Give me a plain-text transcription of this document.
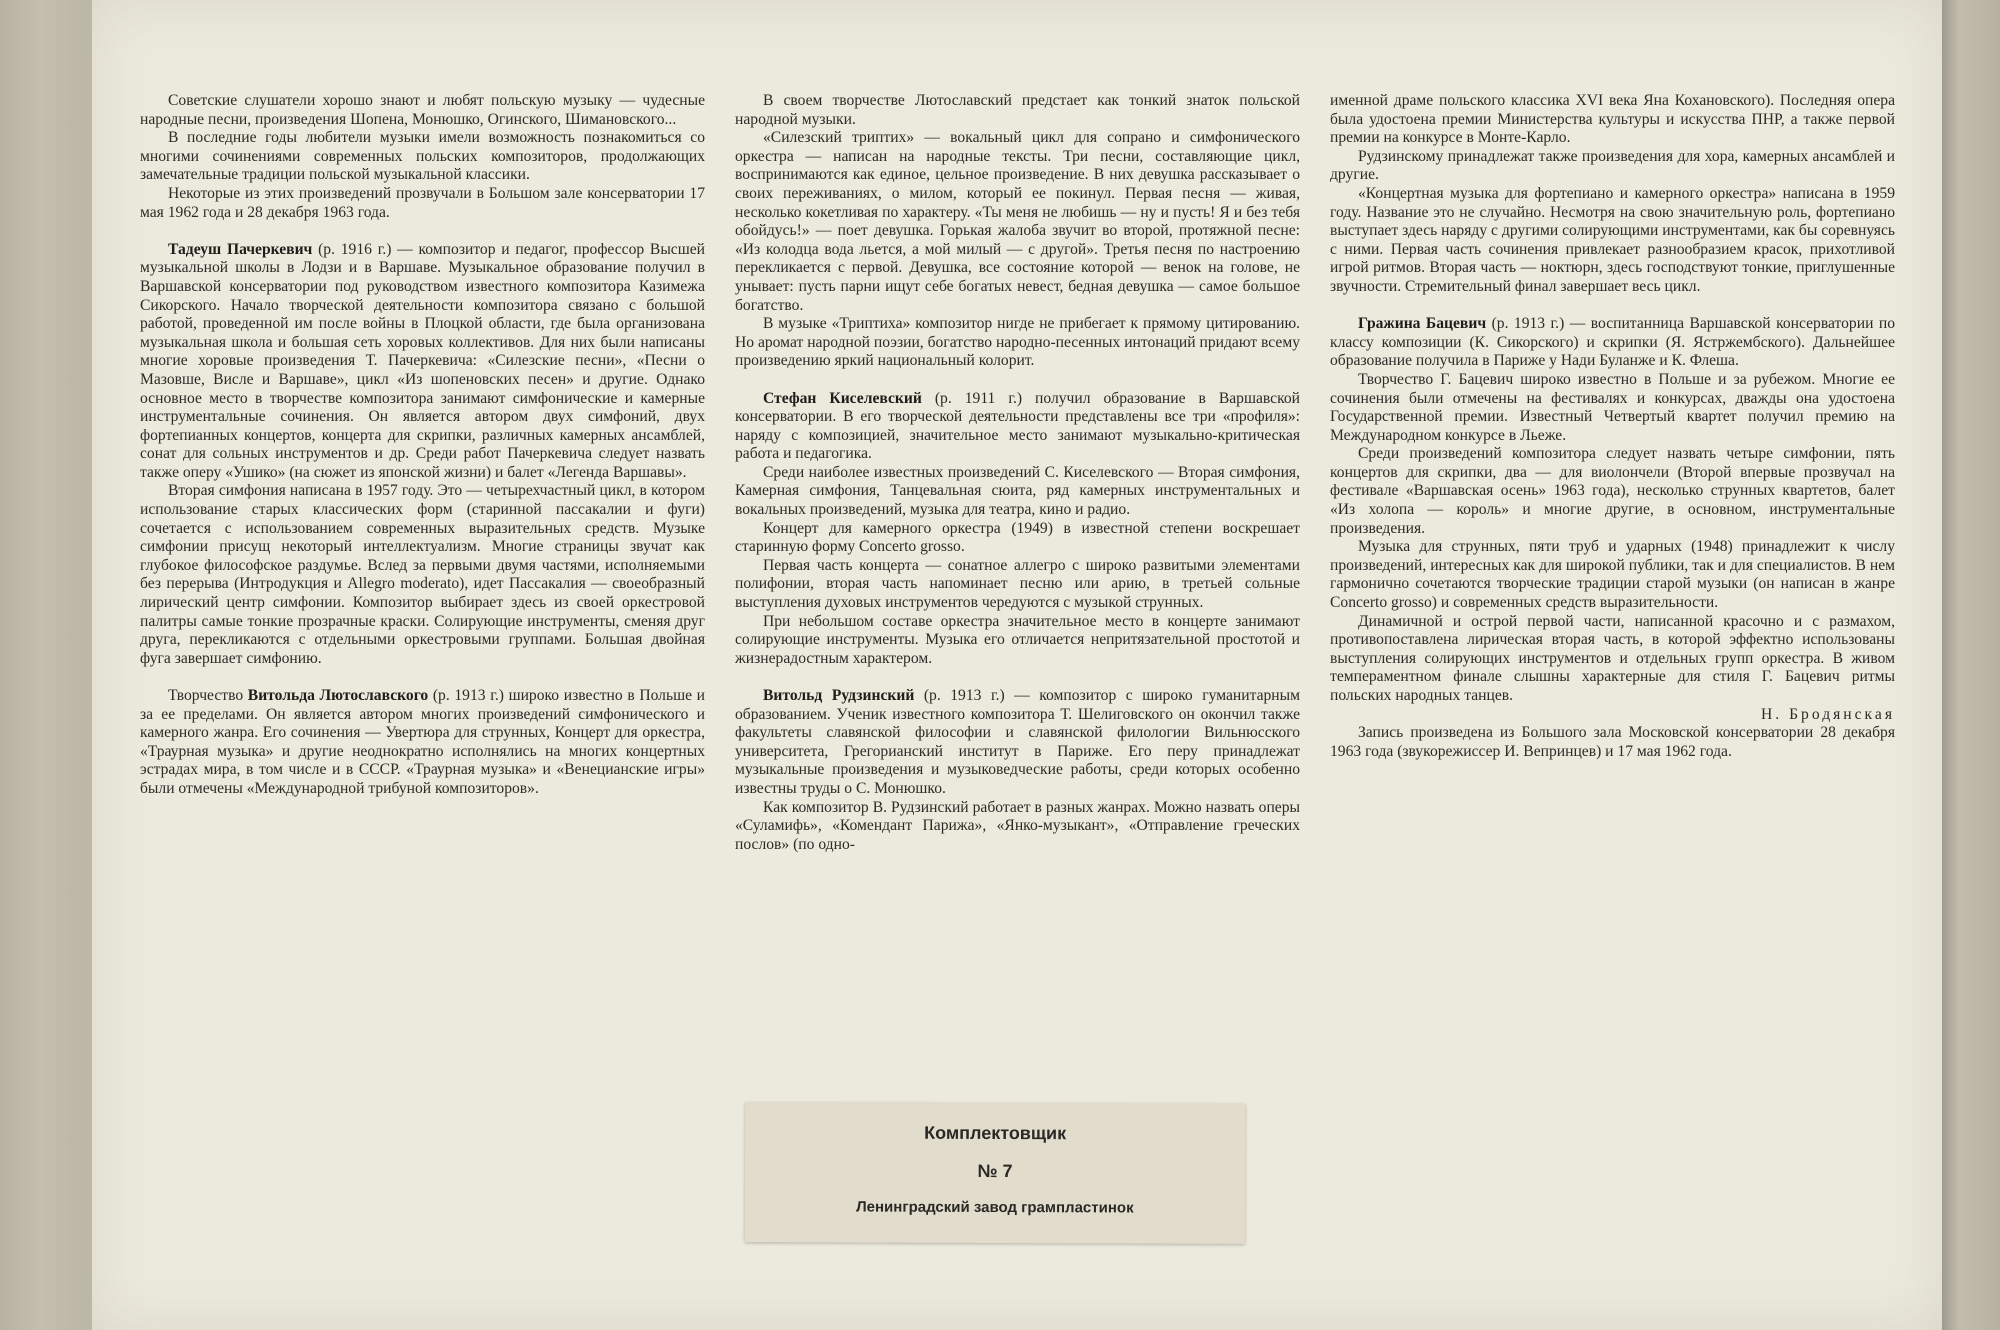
Советские слушатели хорошо знают и любят польскую музыку — чудесные народные песни, произведения Шопена, Монюшко, Огинского, Шимановского...

В последние годы любители музыки имели возможность познакомиться со многими сочинениями современных польских композиторов, продолжающих замечательные традиции польской музыкальной классики.

Некоторые из этих произведений прозвучали в Большом зале консерватории 17 мая 1962 года и 28 декабря 1963 года.

Тадеуш Пачеркевич (р. 1916 г.) — композитор и педагог, профессор Высшей музыкальной школы в Лодзи и в Варшаве. Музыкальное образование получил в Варшавской консерватории под руководством известного композитора Казимежа Сикорского. Начало творческой деятельности композитора связано с большой работой, проведенной им после войны в Плоцкой области, где была организована музыкальная школа и большая сеть хоровых коллективов. Для них были написаны многие хоровые произведения Т. Пачеркевича: «Силезские песни», «Песни о Мазовше, Висле и Варшаве», цикл «Из шопеновских песен» и другие. Однако основное место в творчестве композитора занимают симфонические и камерные инструментальные сочинения. Он является автором двух симфоний, двух фортепианных концертов, концерта для скрипки, различных камерных ансамблей, сонат для сольных инструментов и др. Среди работ Пачеркевича следует назвать также оперу «Ушико» (на сюжет из японской жизни) и балет «Легенда Варшавы».

Вторая симфония написана в 1957 году. Это — четырехчастный цикл, в котором использование старых классических форм (старинной пассакалии и фуги) сочетается с использованием современных выразительных средств. Музыке симфонии присущ некоторый интеллектуализм. Многие страницы звучат как глубокое философское раздумье. Вслед за первыми двумя частями, исполняемыми без перерыва (Интродукция и Allegro moderato), идет Пассакалия — своеобразный лирический центр симфонии. Композитор выбирает здесь из своей оркестровой палитры самые тонкие прозрачные краски. Солирующие инструменты, сменяя друг друга, перекликаются с отдельными оркестровыми группами. Большая двойная фуга завершает симфонию.

Творчество Витольда Лютославского (р. 1913 г.) широко известно в Польше и за ее пределами. Он является автором многих произведений симфонического и камерного жанра. Его сочинения — Увертюра для струнных, Концерт для оркестра, «Траурная музыка» и другие неоднократно исполнялись на многих концертных эстрадах мира, в том числе и в СССР. «Траурная музыка» и «Венецианские игры» были отмечены «Международной трибуной композиторов».

В своем творчестве Лютославский предстает как тонкий знаток польской народной музыки.

«Силезский триптих» — вокальный цикл для сопрано и симфонического оркестра — написан на народные тексты. Три песни, составляющие цикл, воспринимаются как единое, цельное произведение. В них девушка рассказывает о своих переживаниях, о милом, который ее покинул. Первая песня — живая, несколько кокетливая по характеру. «Ты меня не любишь — ну и пусть! Я и без тебя обойдусь!» — поет девушка. Горькая жалоба звучит во второй, протяжной песне: «Из колодца вода льется, а мой милый — с другой». Третья песня по настроению перекликается с первой. Девушка, все состояние которой — венок на голове, не унывает: пусть парни ищут себе богатых невест, бедная девушка — самое большое богатство.

В музыке «Триптиха» композитор нигде не прибегает к прямому цитированию. Но аромат народной поэзии, богатство народно-песенных интонаций придают всему произведению яркий национальный колорит.

Стефан Киселевский (р. 1911 г.) получил образование в Варшавской консерватории. В его творческой деятельности представлены все три «профиля»: наряду с композицией, значительное место занимают музыкально-критическая работа и педагогика.

Среди наиболее известных произведений С. Киселевского — Вторая симфония, Камерная симфония, Танцевальная сюита, ряд камерных инструментальных и вокальных произведений, музыка для театра, кино и радио.

Концерт для камерного оркестра (1949) в известной степени воскрешает старинную форму Concerto grosso.

Первая часть концерта — сонатное аллегро с широко развитыми элементами полифонии, вторая часть напоминает песню или арию, в третьей сольные выступления духовых инструментов чередуются с музыкой струнных.

При небольшом составе оркестра значительное место в концерте занимают солирующие инструменты. Музыка его отличается непритязательной простотой и жизнерадостным характером.

Витольд Рудзинский (р. 1913 г.) — композитор с широко гуманитарным образованием. Ученик известного композитора Т. Шелиговского он окончил также факультеты славянской философии и славянской филологии Вильнюсского университета, Грегорианский институт в Париже. Его перу принадлежат музыкальные произведения и музыковедческие работы, среди которых особенно известны труды о С. Монюшко.

Как композитор В. Рудзинский работает в разных жанрах. Можно назвать оперы «Суламифь», «Комендант Парижа», «Янко-музыкант», «Отправление греческих послов» (по одно-

именной драме польского классика XVI века Яна Кохановского). Последняя опера была удостоена премии Министерства культуры и искусства ПНР, а также первой премии на конкурсе в Монте-Карло.

Рудзинскому принадлежат также произведения для хора, камерных ансамблей и другие.

«Концертная музыка для фортепиано и камерного оркестра» написана в 1959 году. Название это не случайно. Несмотря на свою значительную роль, фортепиано выступает здесь наряду с другими солирующими инструментами, как бы соревнуясь с ними. Первая часть сочинения привлекает разнообразием красок, прихотливой игрой ритмов. Вторая часть — ноктюрн, здесь господствуют тонкие, приглушенные звучности. Стремительный финал завершает весь цикл.

Гражина Бацевич (р. 1913 г.) — воспитанница Варшавской консерватории по классу композиции (К. Сикорского) и скрипки (Я. Ястржембского). Дальнейшее образование получила в Париже у Нади Буланже и К. Флеша.

Творчество Г. Бацевич широко известно в Польше и за рубежом. Многие ее сочинения были отмечены на фестивалях и конкурсах, дважды она удостоена Государственной премии. Известный Четвертый квартет получил премию на Международном конкурсе в Льеже.

Среди произведений композитора следует назвать четыре симфонии, пять концертов для скрипки, два — для виолончели (Второй впервые прозвучал на фестивале «Варшавская осень» 1963 года), несколько струнных квартетов, балет «Из холопа — король» и многие другие, в основном, инструментальные произведения.

Музыка для струнных, пяти труб и ударных (1948) принадлежит к числу произведений, интересных как для широкой публики, так и для специалистов. В нем гармонично сочетаются творческие традиции старой музыки (он написан в жанре Concerto grosso) и современных средств выразительности.

Динамичной и острой первой части, написанной красочно и с размахом, противопоставлена лирическая вторая часть, в которой эффектно использованы выступления солирующих инструментов и отдельных групп оркестра. В живом темпераментном финале слышны характерные для стиля Г. Бацевич ритмы польских народных танцев.

Н. Бродянская

Запись произведена из Большого зала Московской консерватории 28 декабря 1963 года (звукорежиссер И. Вепринцев) и 17 мая 1962 года.

Комплектовщик
№ 7
Ленинградский завод грампластинок
